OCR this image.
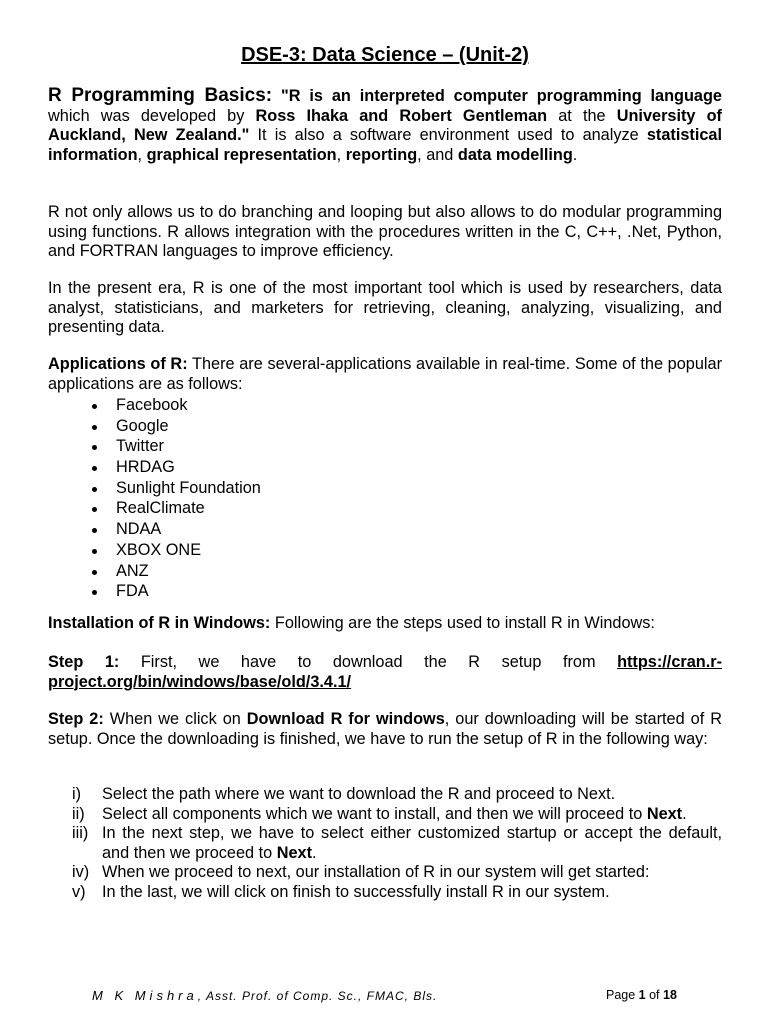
DSE-3: Data Science – (Unit-2)

R Programming Basics: "R is an interpreted computer programming language which was developed by Ross Ihaka and Robert Gentleman at the University of Auckland, New Zealand." It is also a software environment used to analyze statistical information, graphical representation, reporting, and data modelling.

R not only allows us to do branching and looping but also allows to do modular programming using functions. R allows integration with the procedures written in the C, C++, .Net, Python, and FORTRAN languages to improve efficiency.

In the present era, R is one of the most important tool which is used by researchers, data analyst, statisticians, and marketers for retrieving, cleaning, analyzing, visualizing, and presenting data.

Applications of R: There are several-applications available in real-time. Some of the popular applications are as follows:

Facebook
Google
Twitter
HRDAG
Sunlight Foundation
RealClimate
NDAA
XBOX ONE
ANZ
FDA

Installation of R in Windows: Following are the steps used to install R in Windows:

Step 1: First, we have to download the R setup from https://cran.r-project.org/bin/windows/base/old/3.4.1/

Step 2: When we click on Download R for windows, our downloading will be started of R setup. Once the downloading is finished, we have to run the setup of R in the following way:

i) Select the path where we want to download the R and proceed to Next.
ii) Select all components which we want to install, and then we will proceed to Next.
iii) In the next step, we have to select either customized startup or accept the default, and then we proceed to Next.
iv) When we proceed to next, our installation of R in our system will get started:
v) In the last, we will click on finish to successfully install R in our system.
M K Mishra, Asst. Prof. of Comp. Sc., FMAC, Bls.	Page 1 of 18
